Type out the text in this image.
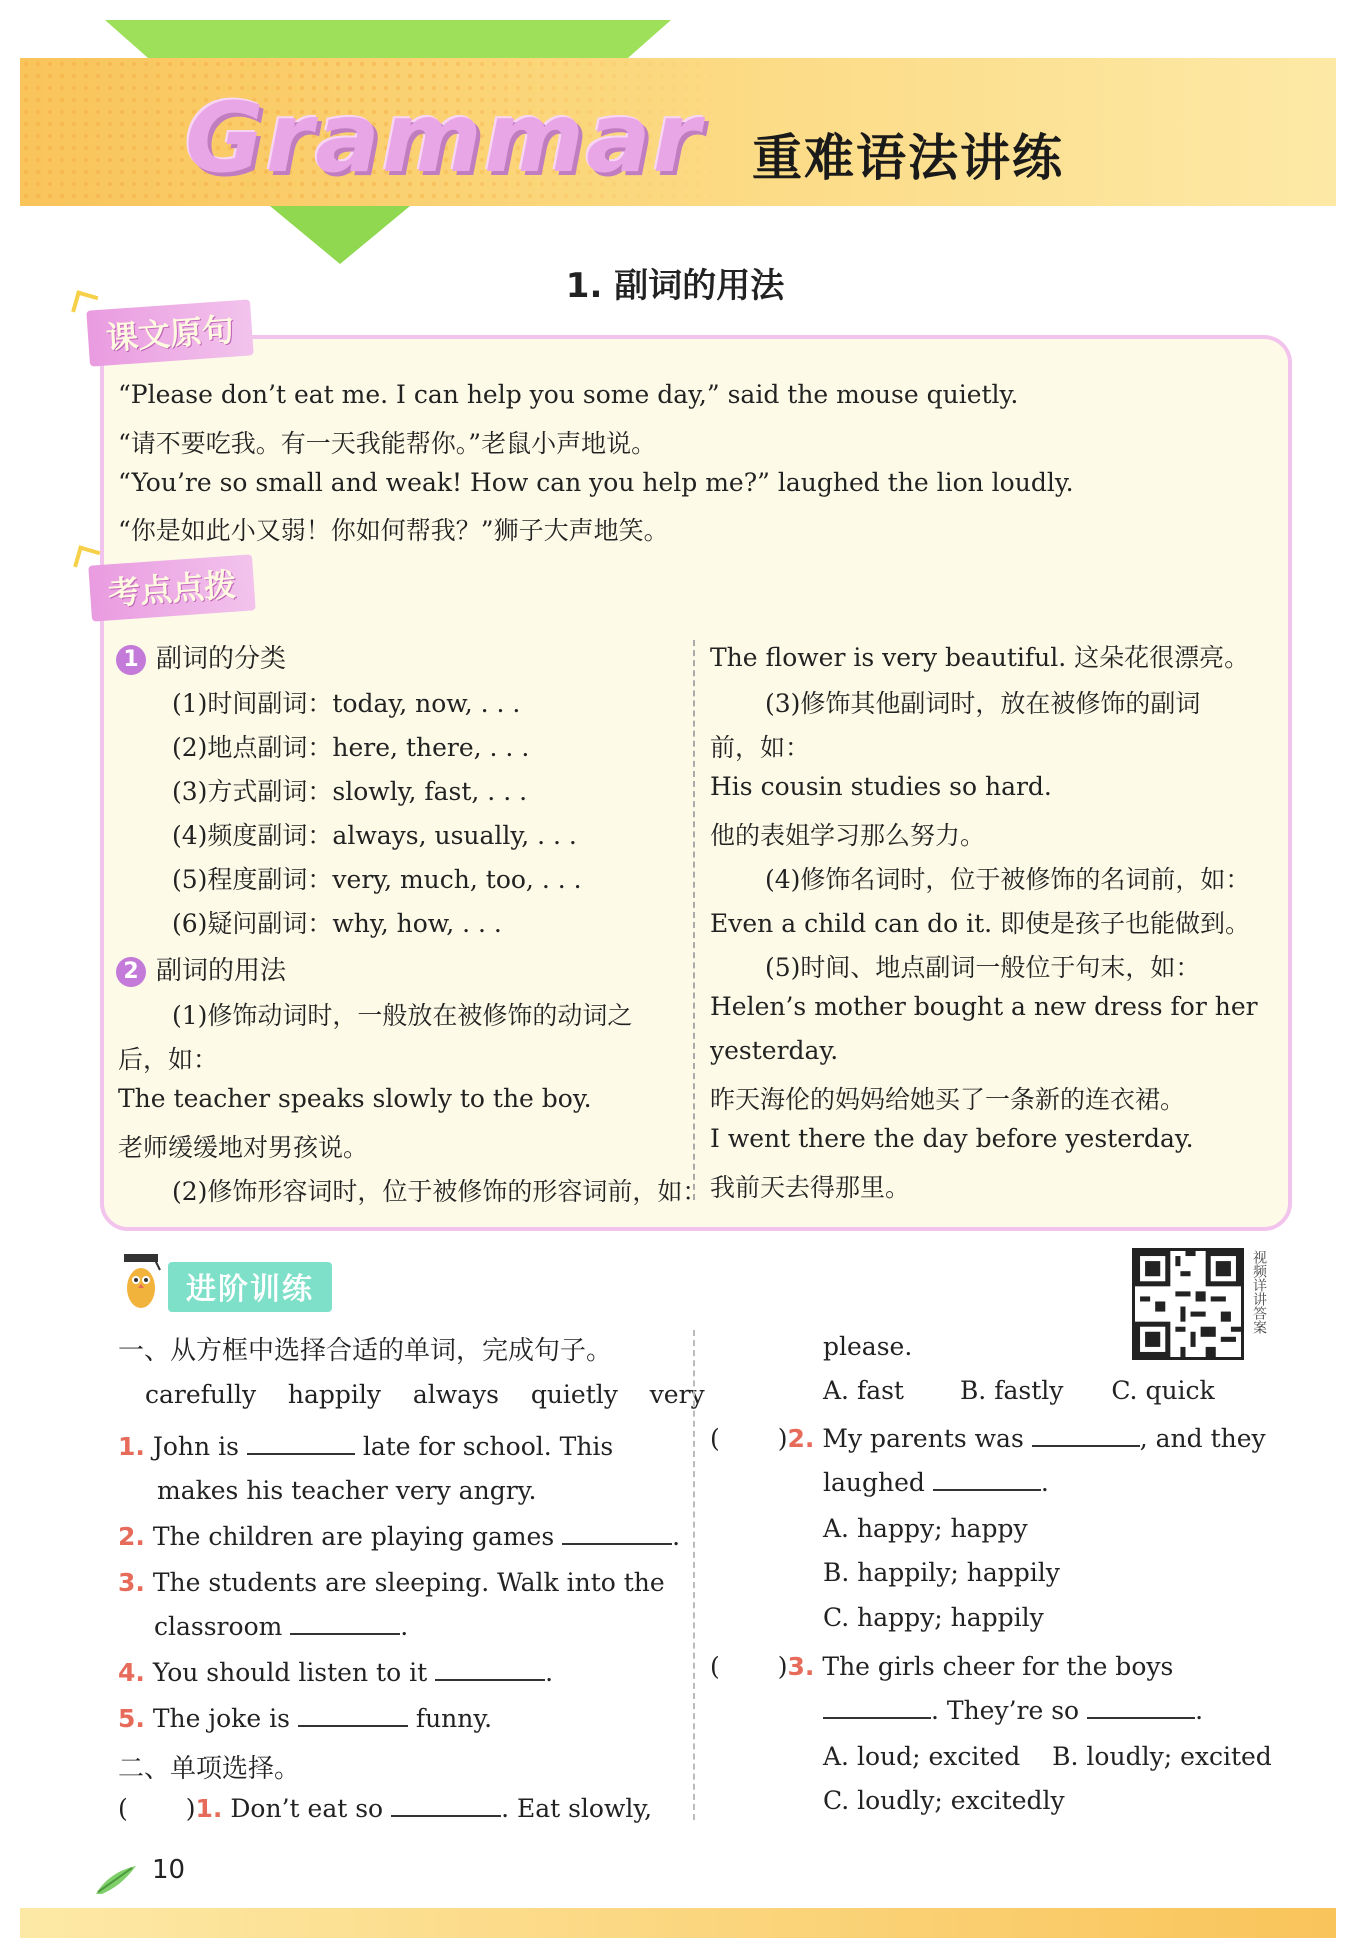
Grammar 重难语法讲练
1. 副词的用法
课文原句
“Please don’t eat me. I can help you some day,” said the mouse quietly.
“请不要吃我。有一天我能帮你。”老鼠小声地说。
“You’re so small and weak! How can you help me?” laughed the lion loudly.
“你是如此小又弱！你如何帮我？”狮子大声地笑。
考点点拨
1 副词的分类
(1)时间副词：today, now, . . .
(2)地点副词：here, there, . . .
(3)方式副词：slowly, fast, . . .
(4)频度副词：always, usually, . . .
(5)程度副词：very, much, too, . . .
(6)疑问副词：why, how, . . .
2 副词的用法
(1)修饰动词时，一般放在被修饰的动词之
后，如：
The teacher speaks slowly to the boy.
老师缓缓地对男孩说。
(2)修饰形容词时，位于被修饰的形容词前，如：
The flower is very beautiful. 这朵花很漂亮。
(3)修饰其他副词时，放在被修饰的副词
前，如：
His cousin studies so hard.
他的表姐学习那么努力。
(4)修饰名词时，位于被修饰的名词前，如：
Even a child can do it. 即使是孩子也能做到。
(5)时间、地点副词一般位于句末，如：
Helen’s mother bought a new dress for her
yesterday.
昨天海伦的妈妈给她买了一条新的连衣裙。
I went there the day before yesterday.
我前天去得那里。
进阶训练	视频详讲答案
一、从方框中选择合适的单词，完成句子。
carefully happily always quietly very
1. John is	late for school. This
makes his teacher very angry.
2. The children are playing games	.
3. The students are sleeping. Walk into the
classroom	.
4. You should listen to it	.
5. The joke is	funny.
二、单项选择。
( )1. Don’t eat so	. Eat slowly,
please.
A. fast B. fastly C. quick
( )2. My parents was	, and they
laughed	.
A. happy; happy
B. happily; happily
C. happy; happily
( )3. The girls cheer for the boys
. They’re so	.
A. loud; excited B. loudly; excited
C. loudly; excitedly
10
